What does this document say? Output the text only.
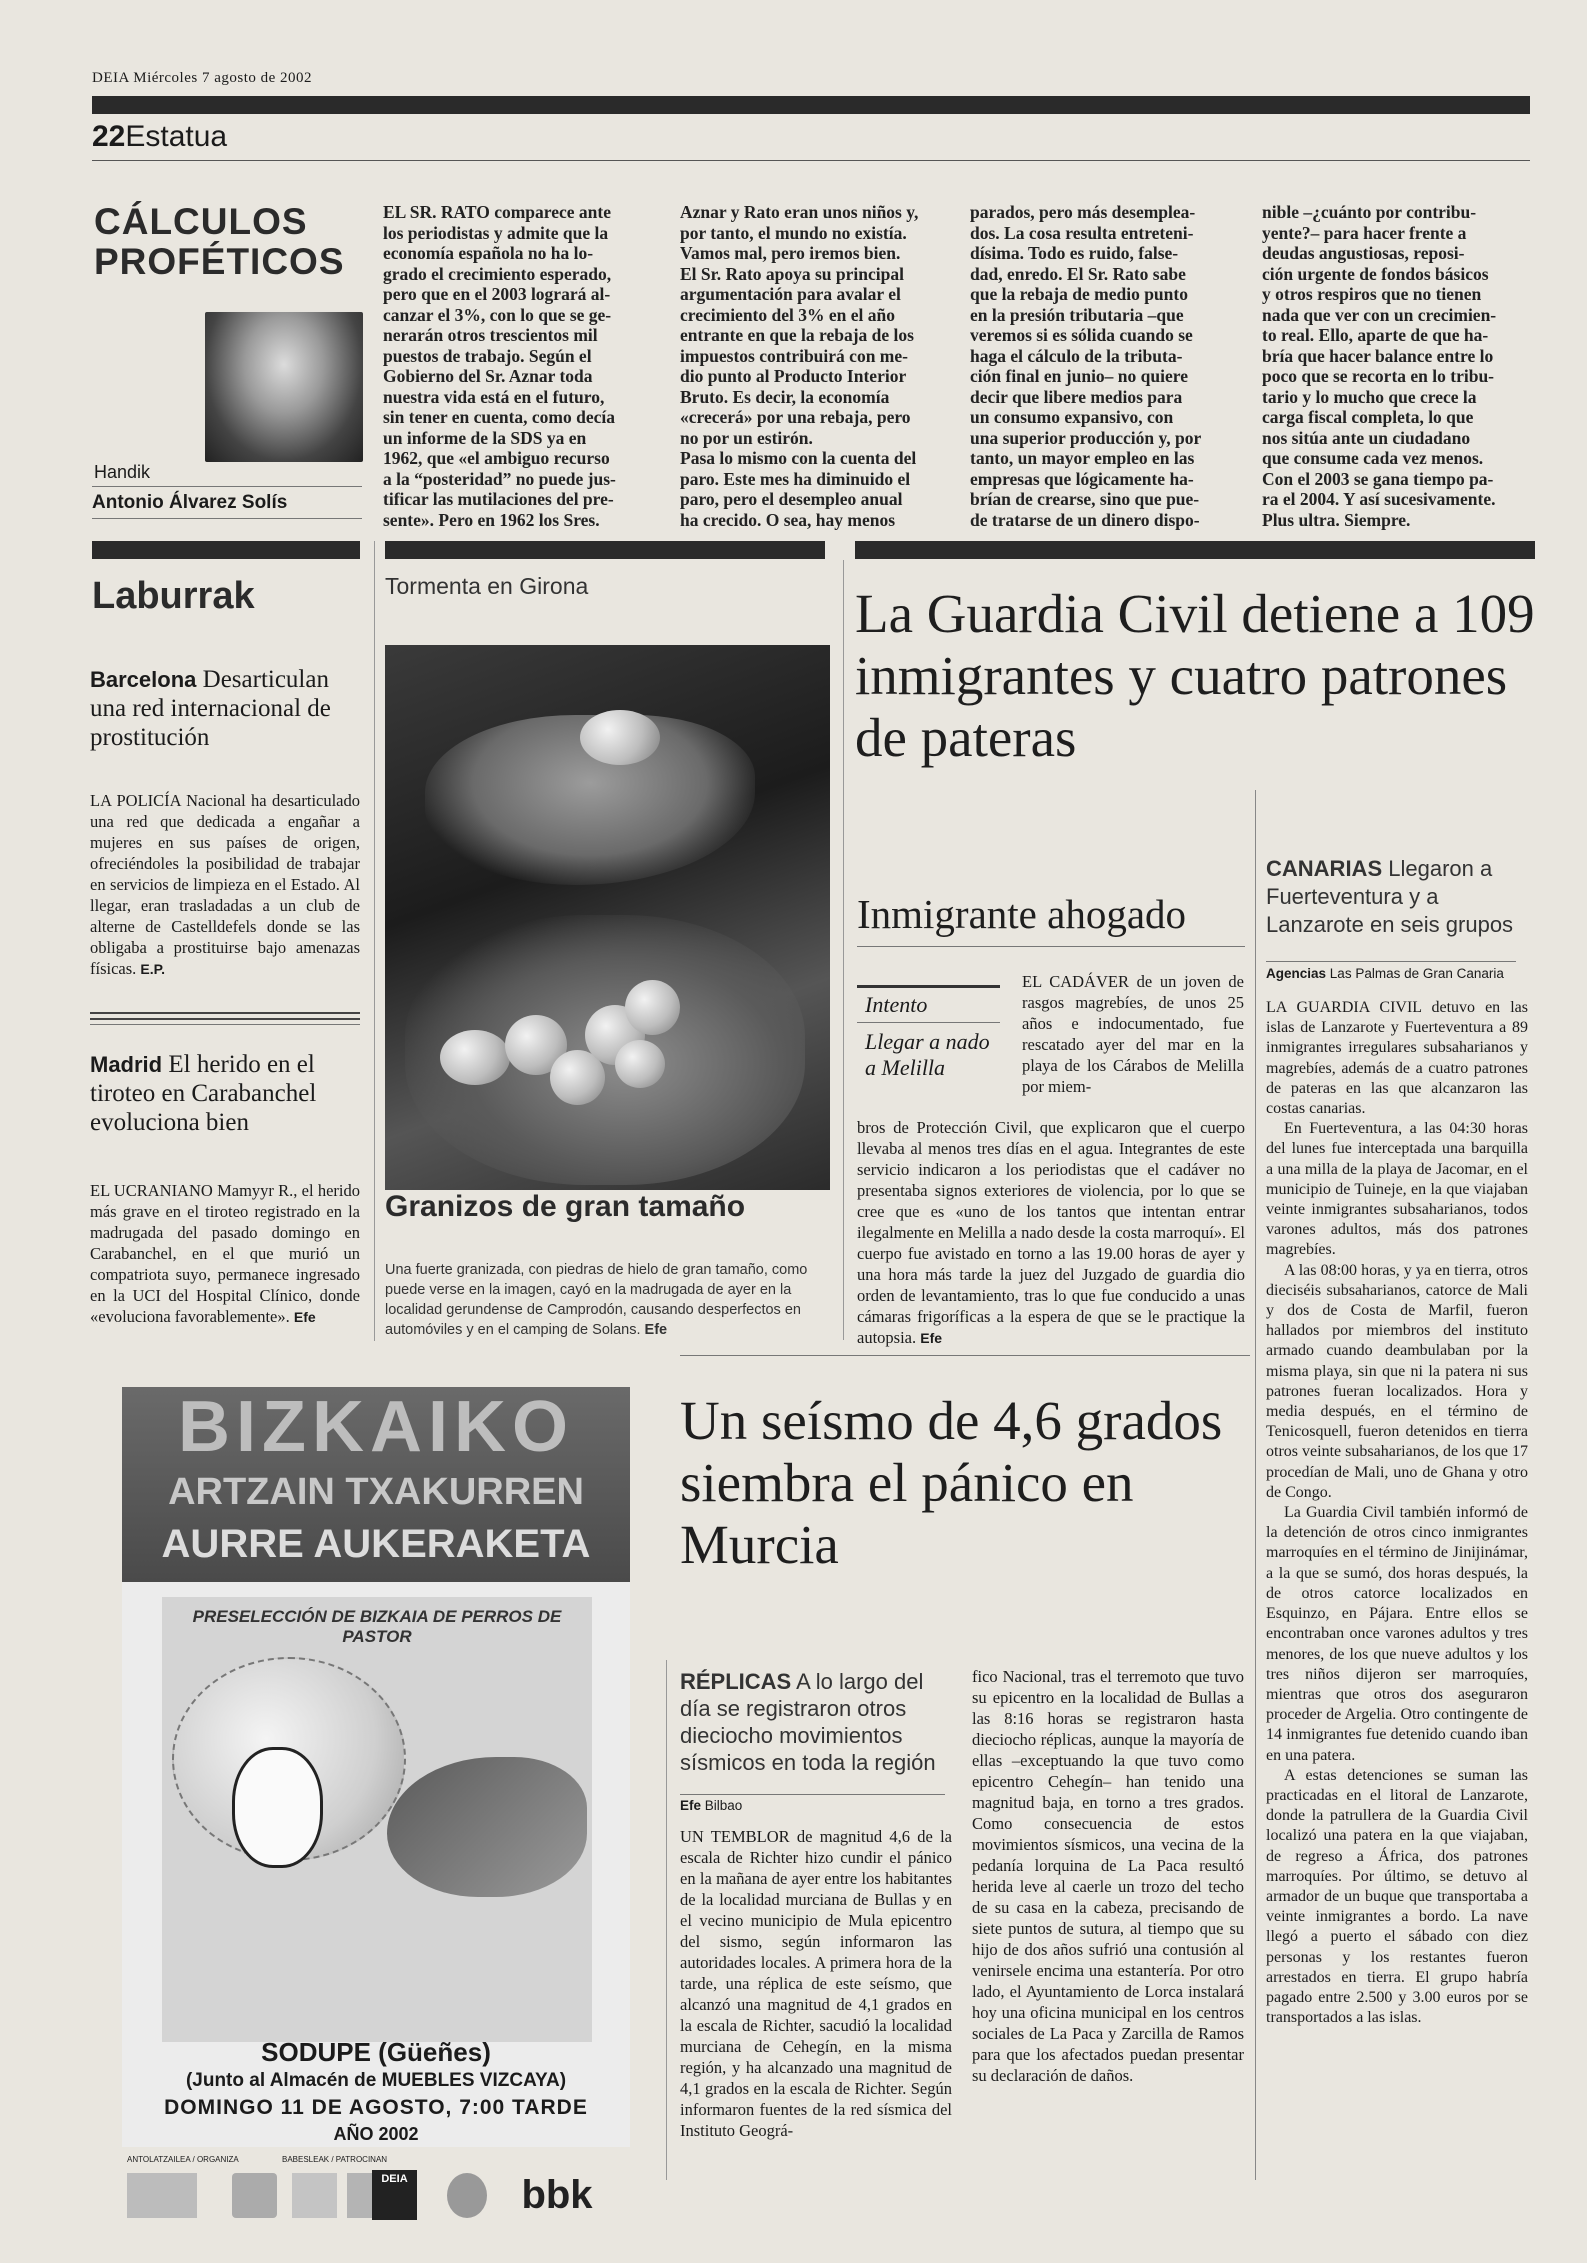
DEIA Miércoles 7 agosto de 2002
22Estatua
CÁLCULOS
PROFÉTICOS
Handik
Antonio Álvarez Solís
EL SR. RATO comparece ante
los periodistas y admite que la
economía española no ha lo-
grado el crecimiento esperado,
pero que en el 2003 logrará al-
canzar el 3%, con lo que se ge-
nerarán otros trescientos mil
puestos de trabajo. Según el
Gobierno del Sr. Aznar toda
nuestra vida está en el futuro,
sin tener en cuenta, como decía
un informe de la SDS ya en
1962, que «el ambiguo recurso
a la “posteridad” no puede jus-
tificar las mutilaciones del pre-
sente». Pero en 1962 los Sres.
Aznar y Rato eran unos niños y,
por tanto, el mundo no existía.
Vamos mal, pero iremos bien.
El Sr. Rato apoya su principal
argumentación para avalar el
crecimiento del 3% en el año
entrante en que la rebaja de los
impuestos contribuirá con me-
dio punto al Producto Interior
Bruto. Es decir, la economía
«crecerá» por una rebaja, pero
no por un estirón.
Pasa lo mismo con la cuenta del
paro. Este mes ha diminuido el
paro, pero el desempleo anual
ha crecido. O sea, hay menos
parados, pero más desemplea-
dos. La cosa resulta entreteni-
dísima. Todo es ruido, false-
dad, enredo. El Sr. Rato sabe
que la rebaja de medio punto
en la presión tributaria –que
veremos si es sólida cuando se
haga el cálculo de la tributa-
ción final en junio– no quiere
decir que libere medios para
un consumo expansivo, con
una superior producción y, por
tanto, un mayor empleo en las
empresas que lógicamente ha-
brían de crearse, sino que pue-
de tratarse de un dinero dispo-
nible –¿cuánto por contribu-
yente?– para hacer frente a
deudas angustiosas, reposi-
ción urgente de fondos básicos
y otros respiros que no tienen
nada que ver con un crecimien-
to real. Ello, aparte de que ha-
bría que hacer balance entre lo
poco que se recorta en lo tribu-
tario y lo mucho que crece la
carga fiscal completa, lo que
nos sitúa ante un ciudadano
que consume cada vez menos.
Con el 2003 se gana tiempo pa-
ra el 2004. Y así sucesivamente.
Plus ultra. Siempre.
Laburrak
Barcelona Desarticulan una red internacional de prostitución
LA POLICÍA Nacional ha desarticulado una red que dedicada a engañar a mujeres en sus países de origen, ofreciéndoles la posibilidad de trabajar en servicios de limpieza en el Estado. Al llegar, eran trasladadas a un club de alterne de Castelldefels donde se las obligaba a prostituirse bajo amenazas físicas. E.P.
Madrid El herido en el tiroteo en Carabanchel evoluciona bien
EL UCRANIANO Mamyyr R., el herido más grave en el tiroteo registrado en la madrugada del pasado domingo en Carabanchel, en el que murió un compatriota suyo, permanece ingresado en la UCI del Hospital Clínico, donde «evoluciona favorablemente». Efe
Tormenta en Girona
Granizos de gran tamaño
Una fuerte granizada, con piedras de hielo de gran tamaño, como puede verse en la imagen, cayó en la madrugada de ayer en la localidad gerundense de Camprodón, causando desperfectos en automóviles y en el camping de Solans. Efe
La Guardia Civil detiene a 109 inmigrantes y cuatro patrones de pateras
CANARIAS Llegaron a Fuerteventura y a Lanzarote en seis grupos
Agencias Las Palmas de Gran Canaria

LA GUARDIA CIVIL detuvo en las islas de Lanzarote y Fuerteventura a 89 inmigrantes irregulares subsaharianos y magrebíes, además de a cuatro patrones de pateras en las que alcanzaron las costas canarias.

En Fuerteventura, a las 04:30 horas del lunes fue interceptada una barquilla a una milla de la playa de Jacomar, en el municipio de Tuineje, en la que viajaban veinte inmigrantes subsaharianos, todos varones adultos, más dos patrones magrebíes.

A las 08:00 horas, y ya en tierra, otros dieciséis subsaharianos, catorce de Mali y dos de Costa de Marfil, fueron hallados por miembros del instituto armado cuando deambulaban por la misma playa, sin que ni la patera ni sus patrones fueran localizados. Hora y media después, en el término de Tenicosquell, fueron detenidos en tierra otros veinte subsaharianos, de los que 17 procedían de Mali, uno de Ghana y otro de Congo.

La Guardia Civil también informó de la detención de otros cinco inmigrantes marroquíes en el término de Jinijinámar, a la que se sumó, dos horas después, la de otros catorce localizados en Esquinzo, en Pájara. Entre ellos se encontraban once varones adultos y tres menores, de los que nueve adultos y los tres niños dijeron ser marroquíes, mientras que otros dos aseguraron proceder de Argelia. Otro contingente de 14 inmigrantes fue detenido cuando iban en una patera.

A estas detenciones se suman las practicadas en el litoral de Lanzarote, donde la patrullera de la Guardia Civil localizó una patera en la que viajaban, de regreso a África, dos patrones marroquíes. Por último, se detuvo al armador de un buque que transportaba a veinte inmigrantes a bordo. La nave llegó a puerto el sábado con diez personas y los restantes fueron arrestados en tierra. El grupo habría pagado entre 2.500 y 3.00 euros por se transportados a las islas.

Inmigrante ahogado
Intento
Llegar a nado a Melilla
EL CADÁVER de un joven de rasgos magrebíes, de unos 25 años e indocumentado, fue rescatado ayer del mar en la playa de los Cárabos de Melilla por miem-
bros de Protección Civil, que explicaron que el cuerpo llevaba al menos tres días en el agua. Integrantes de este servicio indicaron a los periodistas que el cadáver no presentaba signos exteriores de violencia, por lo que se cree que es «uno de los tantos que intentan entrar ilegalmente en Melilla a nado desde la costa marroquí». El cuerpo fue avistado en torno a las 19.00 horas de ayer y una hora más tarde la juez del Juzgado de guardia dio orden de levantamiento, tras lo que fue conducido a unas cámaras frigoríficas a la espera de que se le practique la autopsia. Efe
Un seísmo de 4,6 grados siembra el pánico en Murcia
RÉPLICAS A lo largo del día se registraron otros dieciocho movimientos sísmicos en toda la región
Efe Bilbao
UN TEMBLOR de magnitud 4,6 de la escala de Richter hizo cundir el pánico en la mañana de ayer entre los habitantes de la localidad murciana de Bullas y en el vecino municipio de Mula epicentro del sismo, según informaron las autoridades locales. A primera hora de la tarde, una réplica de este seísmo, que alcanzó una magnitud de 4,1 grados en la escala de Richter, sacudió la localidad murciana de Cehegín, en la misma región, y ha alcanzado una magnitud de 4,1 grados en la escala de Richter. Según informaron fuentes de la red sísmica del Instituto Geográ-
fico Nacional, tras el terremoto que tuvo su epicentro en la localidad de Bullas a las 8:16 horas se registraron hasta dieciocho réplicas, aunque la mayoría de ellas –exceptuando la que tuvo como epicentro Cehegín– han tenido una magnitud baja, en torno a tres grados. Como consecuencia de estos movimientos sísmicos, una vecina de la pedanía lorquina de La Paca resultó herida leve al caerle un trozo del techo de su casa en la cabeza, precisando de siete puntos de sutura, al tiempo que su hijo de dos años sufrió una contusión al venirsele encima una estantería. Por otro lado, el Ayuntamiento de Lorca instalará hoy una oficina municipal en los centros sociales de La Paca y Zarcilla de Ramos para que los afectados puedan presentar su declaración de daños.
BIZKAIKO
ARTZAIN TXAKURREN
AURRE AUKERAKETA
PRESELECCIÓN DE BIZKAIA DE PERROS DE PASTOR
SODUPE (Güeñes)
(Junto al Almacén de MUEBLES VIZCAYA)
DOMINGO 11 DE AGOSTO, 7:00 TARDE
AÑO 2002
ANTOLATZAILEA / ORGANIZA	BABESLEAK / PATROCINAN
DEIA	bbk
